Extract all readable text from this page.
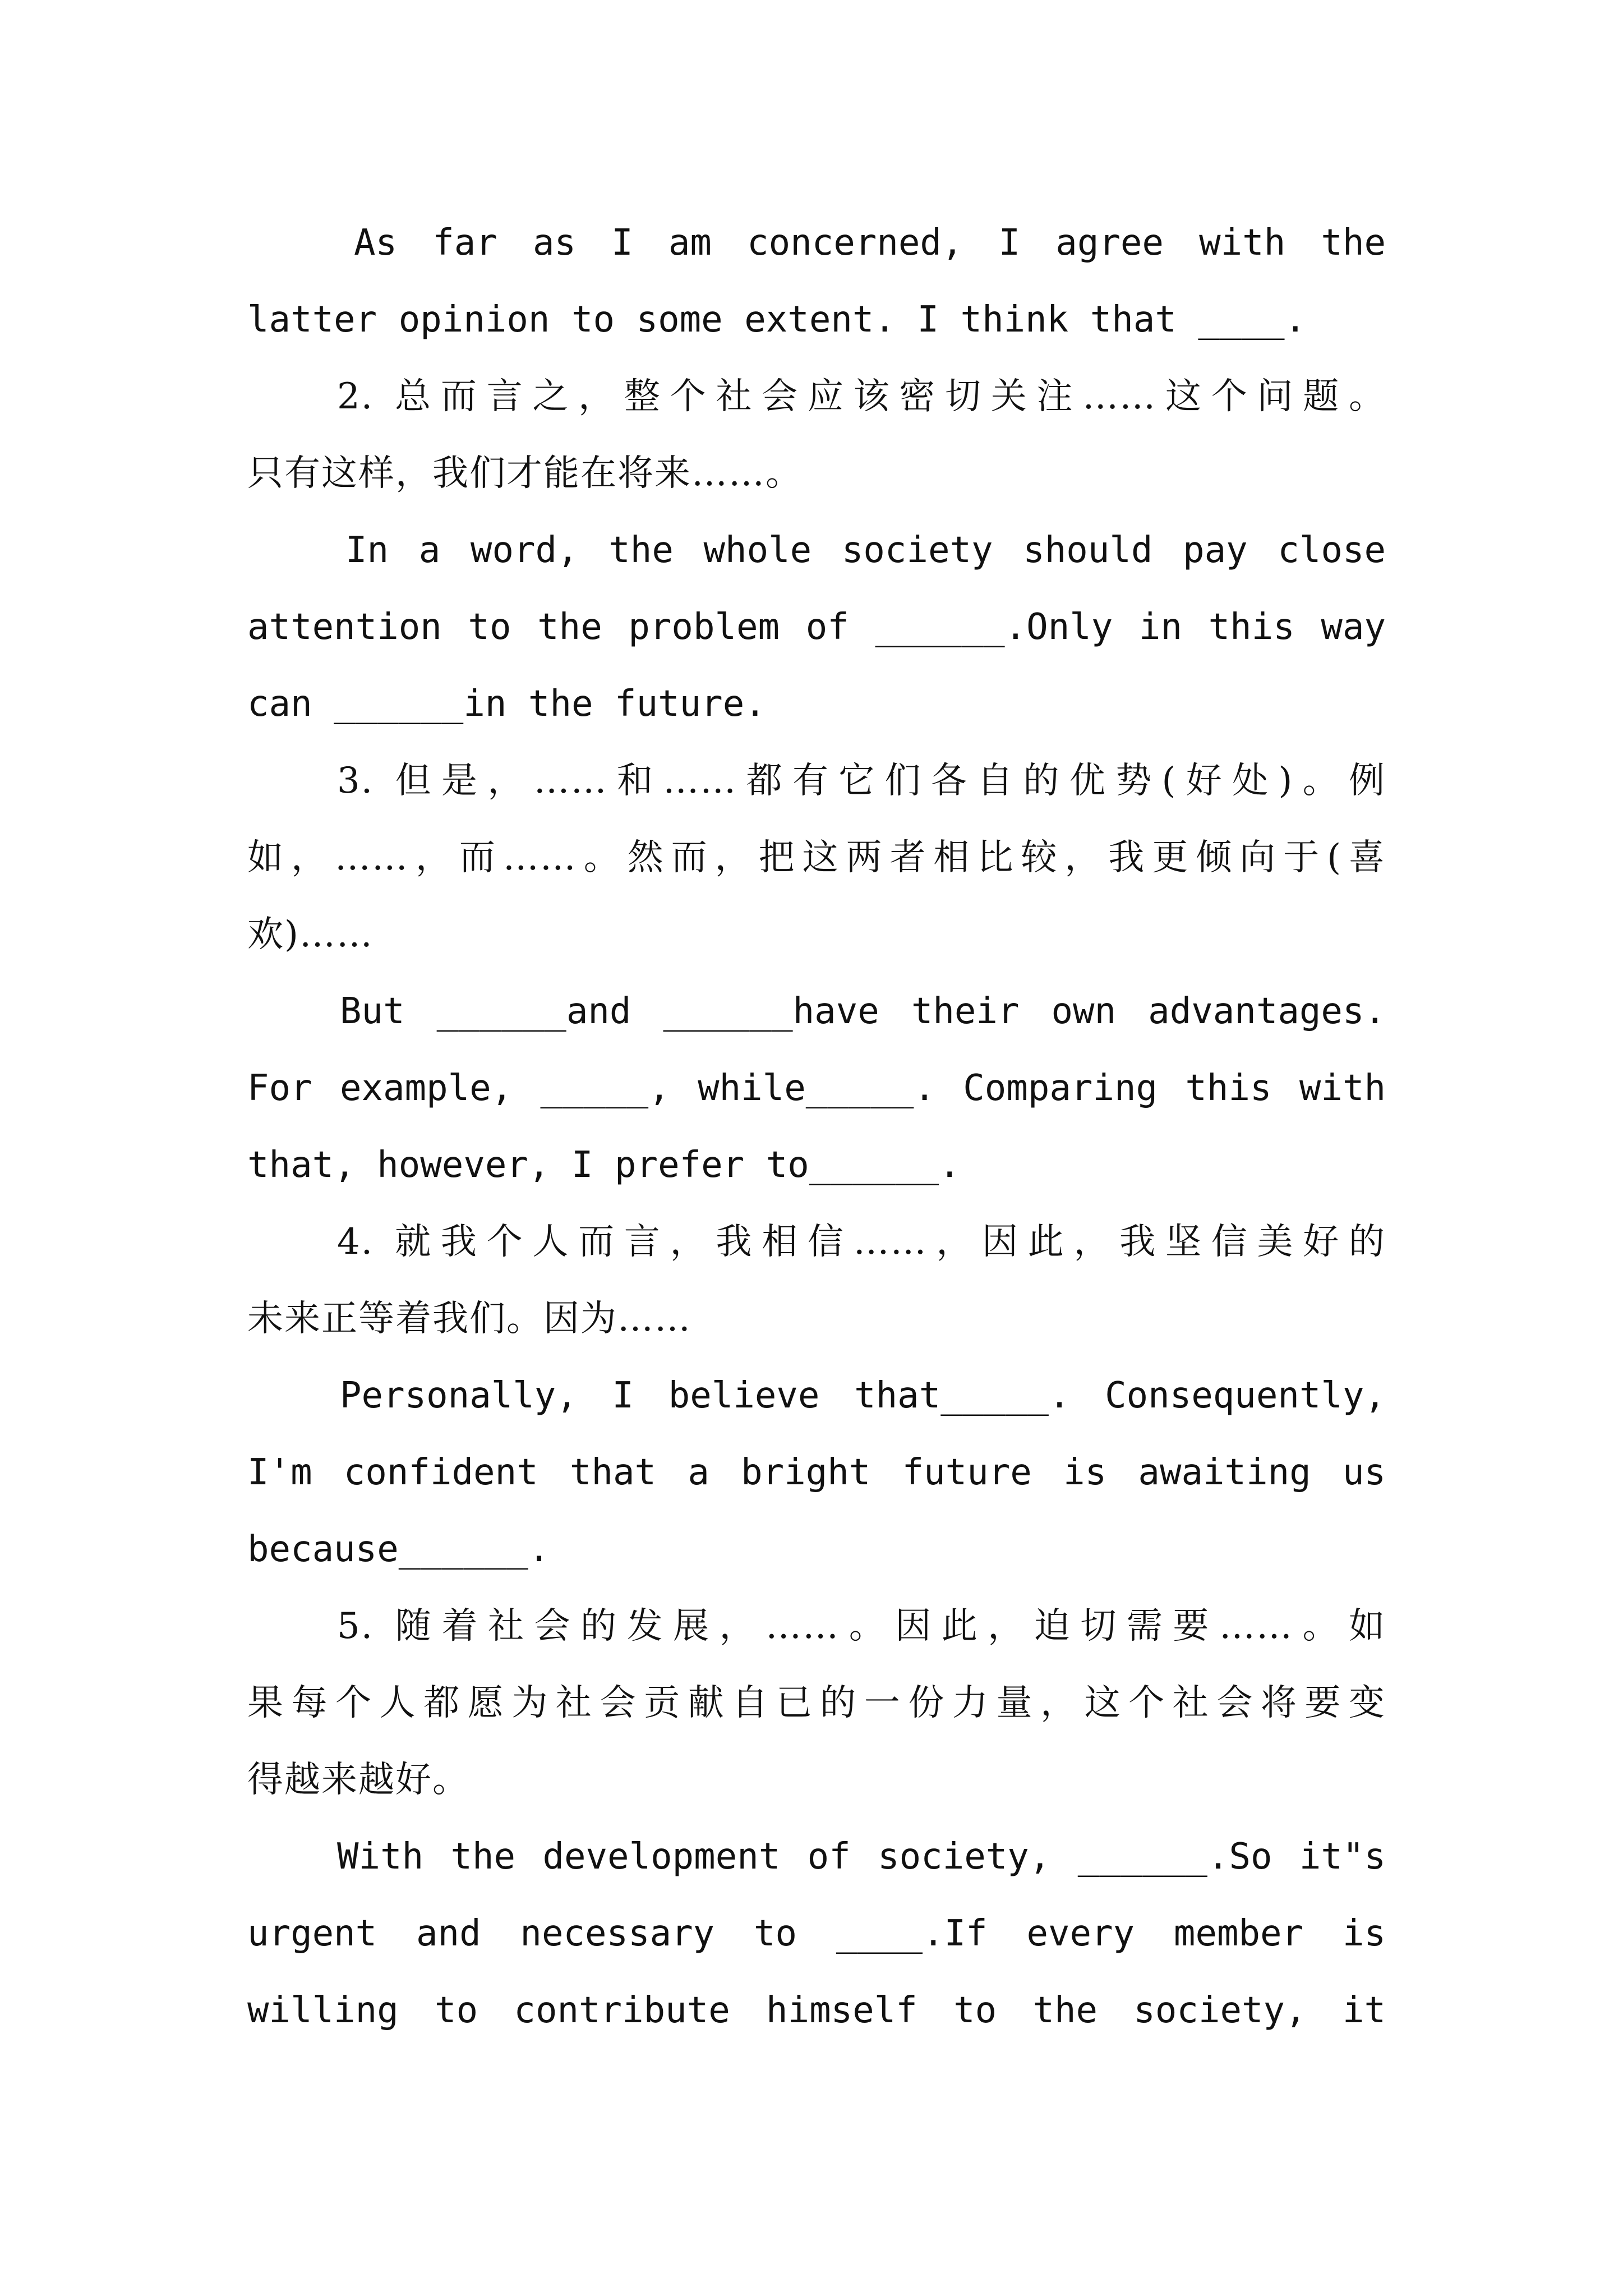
As far as I am concerned, I agree with the
latter opinion to some extent. I think that ____.
2. 总而言之，整个社会应该密切关注……这个问题。
只有这样，我们才能在将来……。
In a word, the whole society should pay close
attention to the problem of ______.Only in this way
can ______in the future.
3. 但是，……和……都有它们各自的优势(好处)。例
如，……，而……。然而，把这两者相比较，我更倾向于(喜
欢)……
But ______and ______have their own advantages.
For example, _____, while_____. Comparing this with
that, however, I prefer to______.
4. 就我个人而言，我相信……，因此，我坚信美好的
未来正等着我们。因为……
Personally, I believe that_____. Consequently,
I'm confident that a bright future is awaiting us
because______.
5. 随着社会的发展，……。因此，迫切需要……。如
果每个人都愿为社会贡献自已的一份力量，这个社会将要变
得越来越好。
With the development of society, ______.So it"s
urgent and necessary to ____.If every member is
willing to contribute himself to the society, it
